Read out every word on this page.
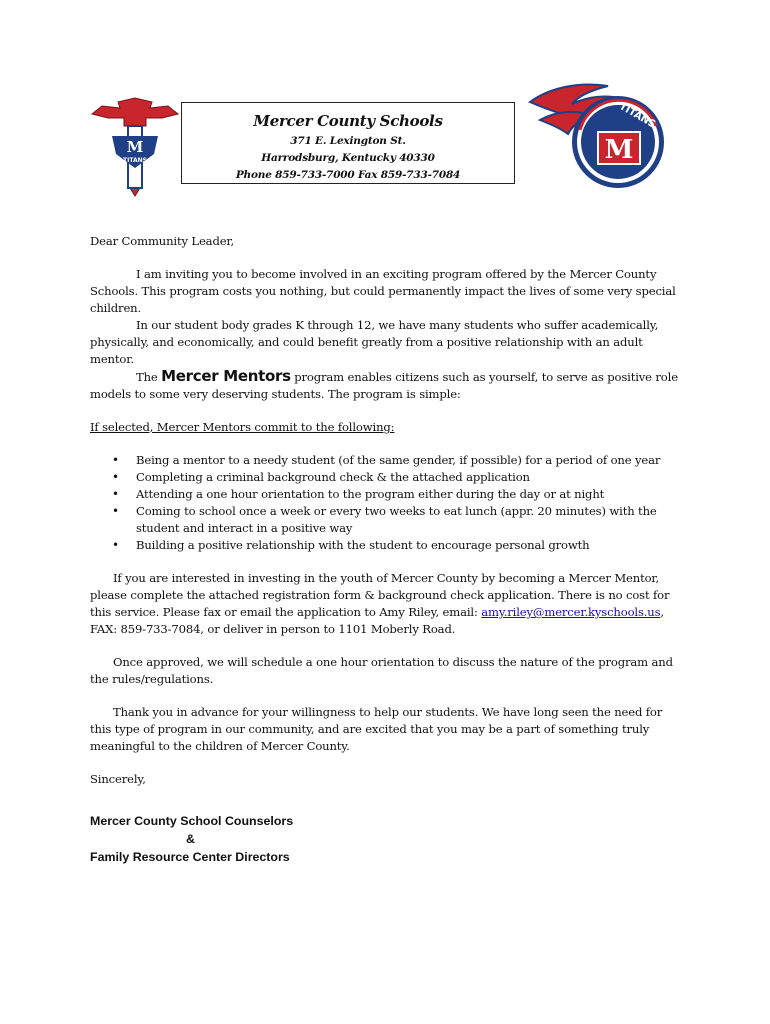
M
TITANS
Mercer County Schools
371 E. Lexington St.
Harrodsburg, Kentucky 40330
Phone 859-733-7000 Fax 859-733-7084
TITANS
M

Dear Community Leader,

I am inviting you to become involved in an exciting program offered by the Mercer County Schools. This program costs you nothing, but could permanently impact the lives of some very special children.

In our student body grades K through 12, we have many students who suffer academically, physically, and economically, and could benefit greatly from a positive relationship with an adult mentor.

The Mercer Mentors program enables citizens such as yourself, to serve as positive role models to some very deserving students. The program is simple:

If selected, Mercer Mentors commit to the following:

• Being a mentor to a needy student (of the same gender, if possible) for a period of one year
• Completing a criminal background check & the attached application
• Attending a one hour orientation to the program either during the day or at night
• Coming to school once a week or every two weeks to eat lunch (appr. 20 minutes) with the student and interact in a positive way
• Building a positive relationship with the student to encourage personal growth

If you are interested in investing in the youth of Mercer County by becoming a Mercer Mentor, please complete the attached registration form & background check application. There is no cost for this service. Please fax or email the application to Amy Riley, email: amy.riley@mercer.kyschools.us, FAX: 859-733-7084, or deliver in person to 1101 Moberly Road.

Once approved, we will schedule a one hour orientation to discuss the nature of the program and the rules/regulations.

Thank you in advance for your willingness to help our students. We have long seen the need for this type of program in our community, and are excited that you may be a part of something truly meaningful to the children of Mercer County.

Sincerely,

Mercer County School Counselors
&
Family Resource Center Directors
